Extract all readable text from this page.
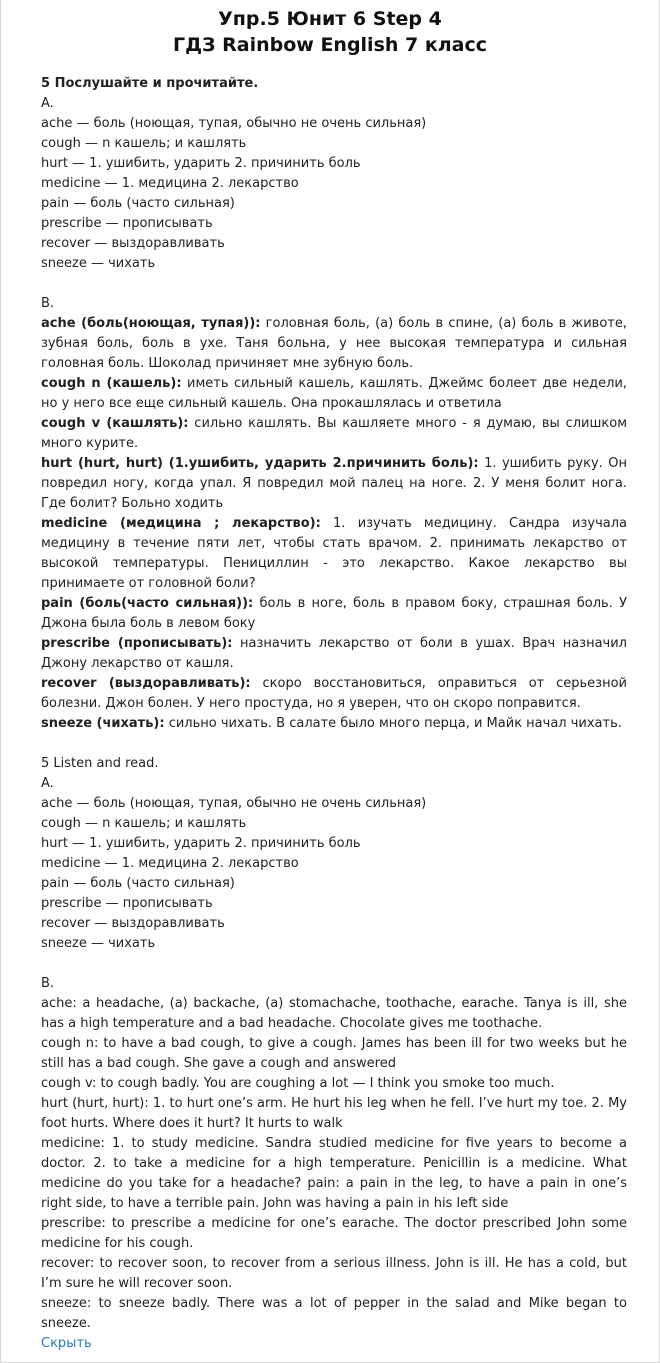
Упр.5 Юнит 6 Step 4
ГДЗ Rainbow English 7 класс

5 Послушайте и прочитайте.

A.

ache — боль (ноющая, тупая, обычно не очень сильная)

cough — n кашель; и кашлять

hurt — 1. ушибить, ударить 2. причинить боль

medicine — 1. медицина 2. лекарство

pain — боль (часто сильная)

prescribe — прописывать

recover — выздоравливать

sneeze — чихать

B.

ache (боль(ноющая, тупая)): головная боль, (а) боль в спине, (а) боль в животе, зубная боль, боль в ухе. Таня больна, у нее высокая температура и сильная головная боль. Шоколад причиняет мне зубную боль.

cough n (кашель): иметь сильный кашель, кашлять. Джеймс болеет две недели, но у него все еще сильный кашель. Она прокашлялась и ответила

cough v (кашлять): сильно кашлять. Вы кашляете много - я думаю, вы слишком много курите.

hurt (hurt, hurt) (1.ушибить, ударить 2.причинить боль): 1. ушибить руку. Он повредил ногу, когда упал. Я повредил мой палец на ноге. 2. У меня болит нога. Где болит? Больно ходить

medicine (медицина ; лекарство): 1. изучать медицину. Сандра изучала медицину в течение пяти лет, чтобы стать врачом. 2. принимать лекарство от высокой температуры. Пенициллин - это лекарство. Какое лекарство вы принимаете от головной боли?

pain (боль(часто сильная)): боль в ноге, боль в правом боку, страшная боль. У Джона была боль в левом боку

prescribe (прописывать): назначить лекарство от боли в ушах. Врач назначил Джону лекарство от кашля.

recover (выздоравливать): скоро восстановиться, оправиться от серьезной болезни. Джон болен. У него простуда, но я уверен, что он скоро поправится.

sneeze (чихать): сильно чихать. В салате было много перца, и Майк начал чихать.

5 Listen and read.

A.

ache — боль (ноющая, тупая, обычно не очень сильная)

cough — n кашель; и кашлять

hurt — 1. ушибить, ударить 2. причинить боль

medicine — 1. медицина 2. лекарство

pain — боль (часто сильная)

prescribe — прописывать

recover — выздоравливать

sneeze — чихать

B.

ache: a headache, (a) backache, (a) stomachache, toothache, earache. Tanya is ill, she has a high temperature and a bad headache. Chocolate gives me toothache.

cough n: to have a bad cough, to give a cough. James has been ill for two weeks but he still has a bad cough. She gave a cough and answered

cough v: to cough badly. You are coughing a lot — I think you smoke too much.

hurt (hurt, hurt): 1. to hurt one’s arm. He hurt his leg when he fell. I’ve hurt my toe. 2. My foot hurts. Where does it hurt? It hurts to walk

medicine: 1. to study medicine. Sandra studied medicine for five years to become a doctor. 2. to take a medicine for a high temperature. Penicillin is a medicine. What medicine do you take for a headache? pain: a pain in the leg, to have a pain in one’s right side, to have a terrible pain. John was having a pain in his left side

prescribe: to prescribe a medicine for one’s earache. The doctor prescribed John some medicine for his cough.

recover: to recover soon, to recover from a serious illness. John is ill. He has a cold, but I’m sure he will recover soon.

sneeze: to sneeze badly. There was a lot of pepper in the salad and Mike began to sneeze.

Скрыть
